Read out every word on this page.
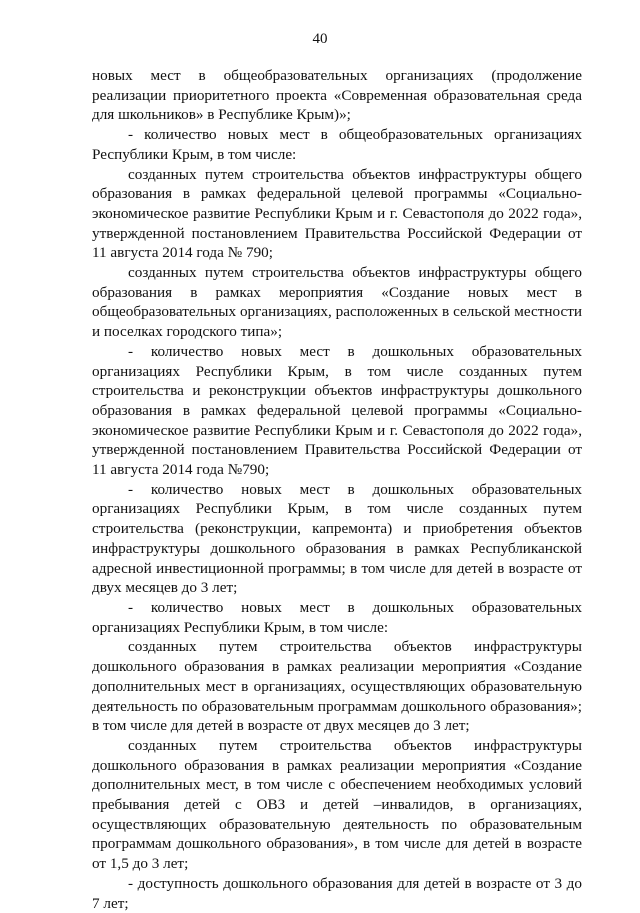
40

новых мест в общеобразовательных организациях (продолжение реализации приоритетного проекта «Современная образовательная среда для школьников» в Республике Крым)»;

- количество новых мест в общеобразовательных организациях Республики Крым, в том числе:

созданных путем строительства объектов инфраструктуры общего образования в рамках федеральной целевой программы «Социально-экономическое развитие Республики Крым и г. Севастополя до 2022 года», утвержденной постановлением Правительства Российской Федерации от 11 августа 2014 года № 790;

созданных путем строительства объектов инфраструктуры общего образования в рамках мероприятия «Создание новых мест в общеобразовательных организациях, расположенных в сельской местности и поселках городского типа»;

- количество новых мест в дошкольных образовательных организациях Республики Крым, в том числе созданных путем строительства и реконструкции объектов инфраструктуры дошкольного образования в рамках федеральной целевой программы «Социально-экономическое развитие Республики Крым и г. Севастополя до 2022 года», утвержденной постановлением Правительства Российской Федерации от 11 августа 2014 года №790;

- количество новых мест в дошкольных образовательных организациях Республики Крым, в том числе созданных путем строительства (реконструкции, капремонта) и приобретения объектов инфраструктуры дошкольного образования в рамках Республиканской адресной инвестиционной программы; в том числе для детей в возрасте от двух месяцев до 3 лет;

- количество новых мест в дошкольных образовательных организациях Республики Крым, в том числе:

созданных путем строительства объектов инфраструктуры дошкольного образования в рамках реализации мероприятия «Создание дополнительных мест в организациях, осуществляющих образовательную деятельность по образовательным программам дошкольного образования»; в том числе для детей в возрасте от двух месяцев до 3 лет;

созданных путем строительства объектов инфраструктуры дошкольного образования в рамках реализации мероприятия «Создание дополнительных мест, в том числе с обеспечением необходимых условий пребывания детей с ОВЗ и детей –инвалидов, в организациях, осуществляющих образовательную деятельность по образовательным программам дошкольного образования», в том числе для детей в возрасте от 1,5 до 3 лет;

- доступность дошкольного образования для детей в возрасте от 3 до 7 лет;
